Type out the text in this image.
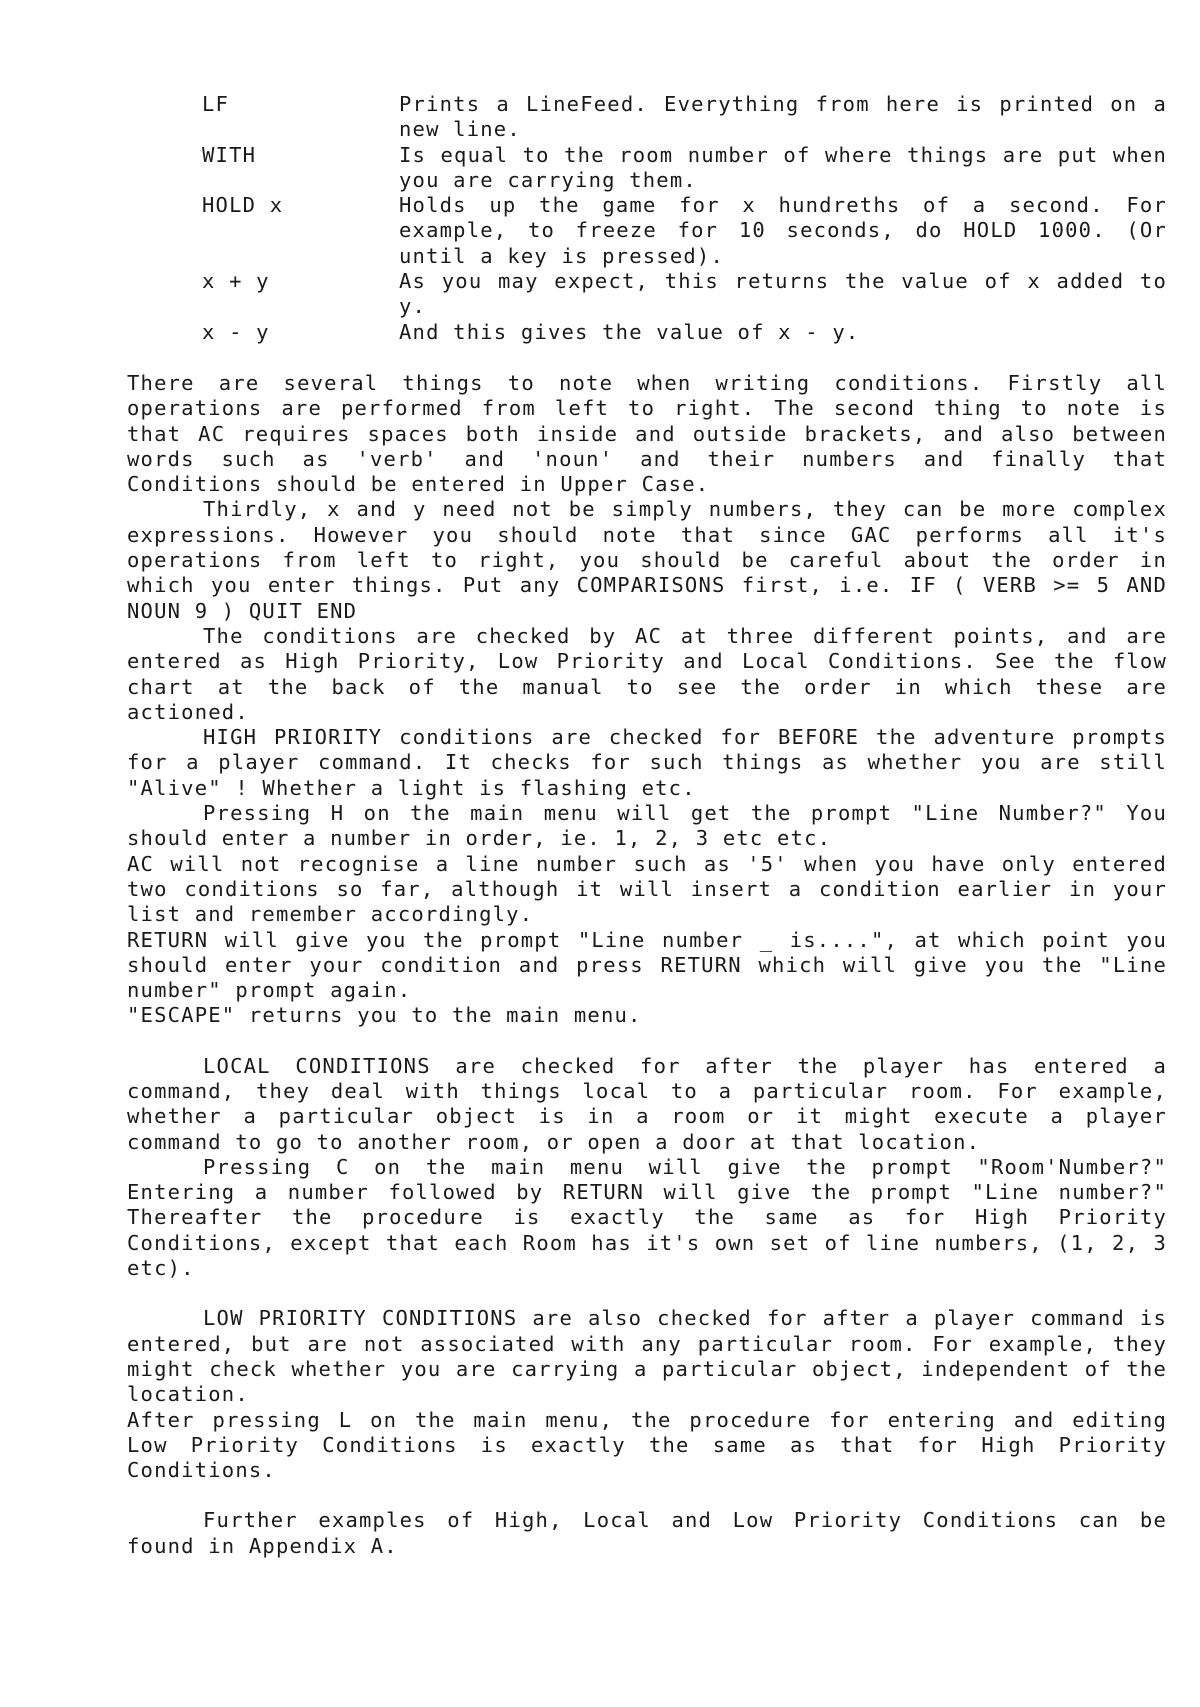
LF	Prints a LineFeed. Everything from here is printed on a new line.
WITH	Is equal to the room number of where things are put when you are carrying them.
HOLD x	Holds up the game for x hundreths of a second. For example, to freeze for 10 seconds, do HOLD 1000. (Or until a key is pressed).
x + y	As you may expect, this returns the value of x added to y.
x - y	And this gives the value of x - y.

There are several things to note when writing conditions. Firstly all operations are performed from left to right. The second thing to note is that AC requires spaces both inside and outside brackets, and also between words such as 'verb' and 'noun' and their numbers and finally that Conditions should be entered in Upper Case.

Thirdly, x and y need not be simply numbers, they can be more complex expressions. However you should note that since GAC performs all it's operations from left to right, you should be careful about the order in which you enter things. Put any COMPARISONS first, i.e. IF ( VERB >= 5 AND NOUN 9 ) QUIT END

The conditions are checked by AC at three different points, and are entered as High Priority, Low Priority and Local Conditions. See the flow chart at the back of the manual to see the order in which these are actioned.

HIGH PRIORITY conditions are checked for BEFORE the adventure prompts for a player command. It checks for such things as whether you are still "Alive" ! Whether a light is flashing etc.

Pressing H on the main menu will get the prompt "Line Number?" You should enter a number in order, ie. 1, 2, 3 etc etc.

AC will not recognise a line number such as '5' when you have only entered two conditions so far, although it will insert a condition earlier in your list and remember accordingly.

RETURN will give you the prompt "Line number _ is....", at which point you should enter your condition and press RETURN which will give you the "Line number" prompt again.

"ESCAPE" returns you to the main menu.

LOCAL CONDITIONS are checked for after the player has entered a command, they deal with things local to a particular room. For example, whether a particular object is in a room or it might execute a player command to go to another room, or open a door at that location.

Pressing C on the main menu will give the prompt "Room'Number?" Entering a number followed by RETURN will give the prompt "Line number?" Thereafter the procedure is exactly the same as for High Priority Conditions, except that each Room has it's own set of line numbers, (1, 2, 3 etc).

LOW PRIORITY CONDITIONS are also checked for after a player command is entered, but are not associated with any particular room. For example, they might check whether you are carrying a particular object, independent of the location.

After pressing L on the main menu, the procedure for entering and editing Low Priority Conditions is exactly the same as that for High Priority Conditions.

Further examples of High, Local and Low Priority Conditions can be found in Appendix A.
